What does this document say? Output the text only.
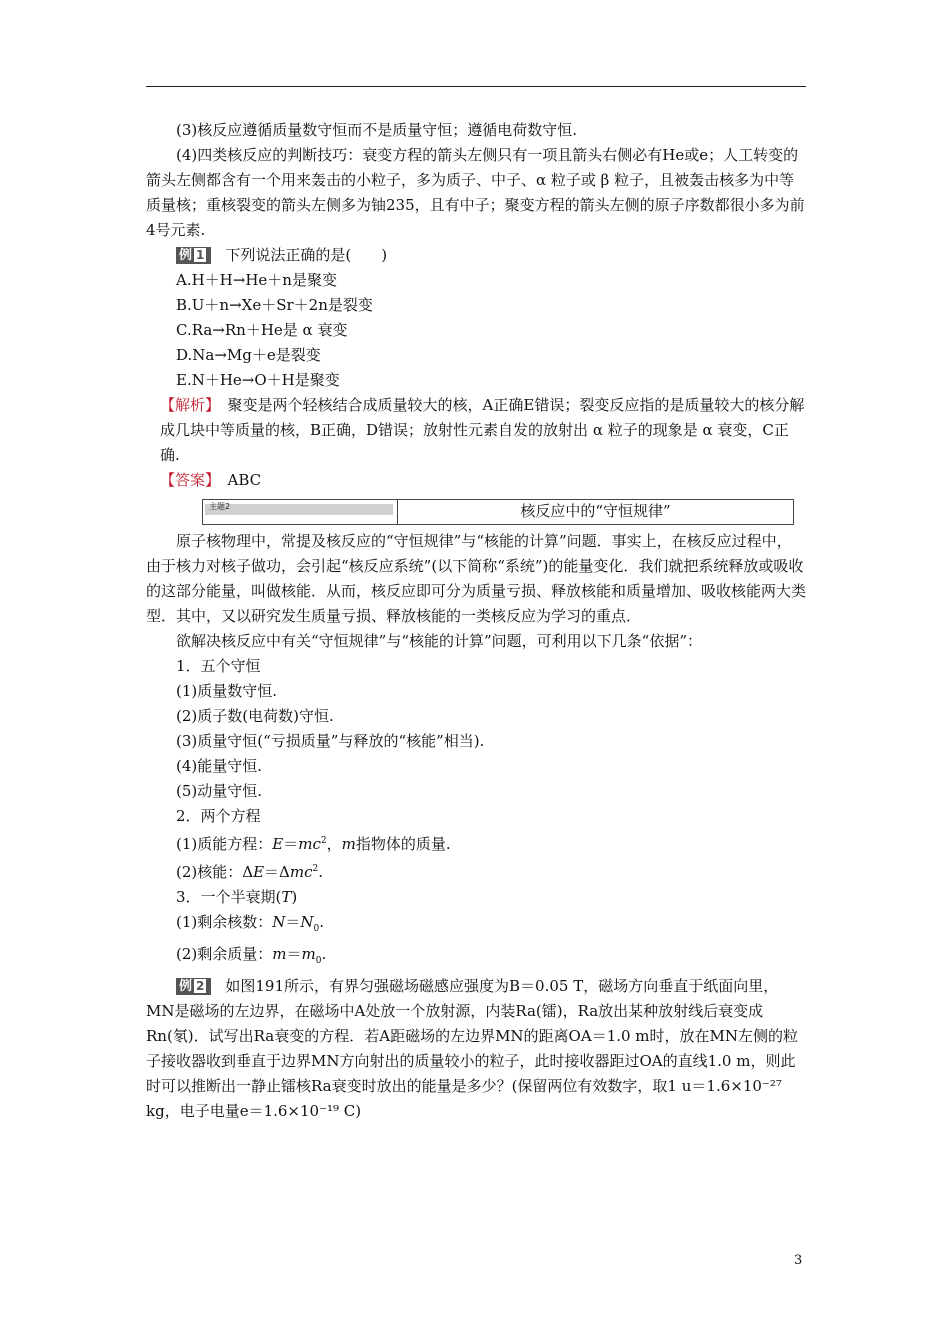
(3)核反应遵循质量数守恒而不是质量守恒；遵循电荷数守恒.

(4)四类核反应的判断技巧：衰变方程的箭头左侧只有一项且箭头右侧必有He或e；人工转变的箭头左侧都含有一个用来轰击的小粒子，多为质子、中子、α 粒子或 β 粒子，且被轰击核多为中等质量核；重核裂变的箭头左侧多为铀235，且有中子；聚变方程的箭头左侧的原子序数都很小多为前4号元素.

例 1 下列说法正确的是(　　)

A.H＋H→He＋n是聚变

B.U＋n→Xe＋Sr＋2n是裂变

C.Ra→Rn＋He是 α 衰变

D.Na→Mg＋e是裂变

E.N＋He→O＋H是聚变

【解析】　 聚变是两个轻核结合成质量较大的核，A正确E错误；裂变反应指的是质量较大的核分解成几块中等质量的核，B正确，D错误；放射性元素自发的放射出 α 粒子的现象是 α 衰变，C正确.

【答案】　 ABC

主题2	核反应中的“守恒规律”

原子核物理中，常提及核反应的“守恒规律”与“核能的计算”问题．事实上，在核反应过程中，由于核力对核子做功，会引起“核反应系统”(以下简称“系统”)的能量变化．我们就把系统释放或吸收的这部分能量，叫做核能．从而，核反应即可分为质量亏损、释放核能和质量增加、吸收核能两大类型．其中，又以研究发生质量亏损、释放核能的一类核反应为学习的重点．

欲解决核反应中有关“守恒规律”与“核能的计算”问题，可利用以下几条“依据”：

1．五个守恒

(1)质量数守恒.

(2)质子数(电荷数)守恒.

(3)质量守恒(“亏损质量”与释放的“核能”相当).

(4)能量守恒.

(5)动量守恒.

2．两个方程

(1)质能方程：$E=mc^2$，m指物体的质量.

(2)核能：ΔE＝Δmc$^2$.

3．一个半衰期(T)

(1)剩余核数：$N=N_0$.

(2)剩余质量：$m=m_0$.

例 2 如图191所示，有界匀强磁场磁感应强度为B＝0.05 T，磁场方向垂直于纸面向里，MN是磁场的左边界，在磁场中A处放一个放射源，内装Ra(镭)，Ra放出某种放射线后衰变成Rn(氡)．试写出Ra衰变的方程．若A距磁场的左边界MN的距离OA＝1.0 m时，放在MN左侧的粒子接收器收到垂直于边界MN方向射出的质量较小的粒子，此时接收器距过OA的直线1.0 m，则此时可以推断出一静止镭核Ra衰变时放出的能量是多少？(保留两位有效数字，取1 u＝1.6×10⁻²⁷ kg，电子电量e＝1.6×10⁻¹⁹ C)

3
